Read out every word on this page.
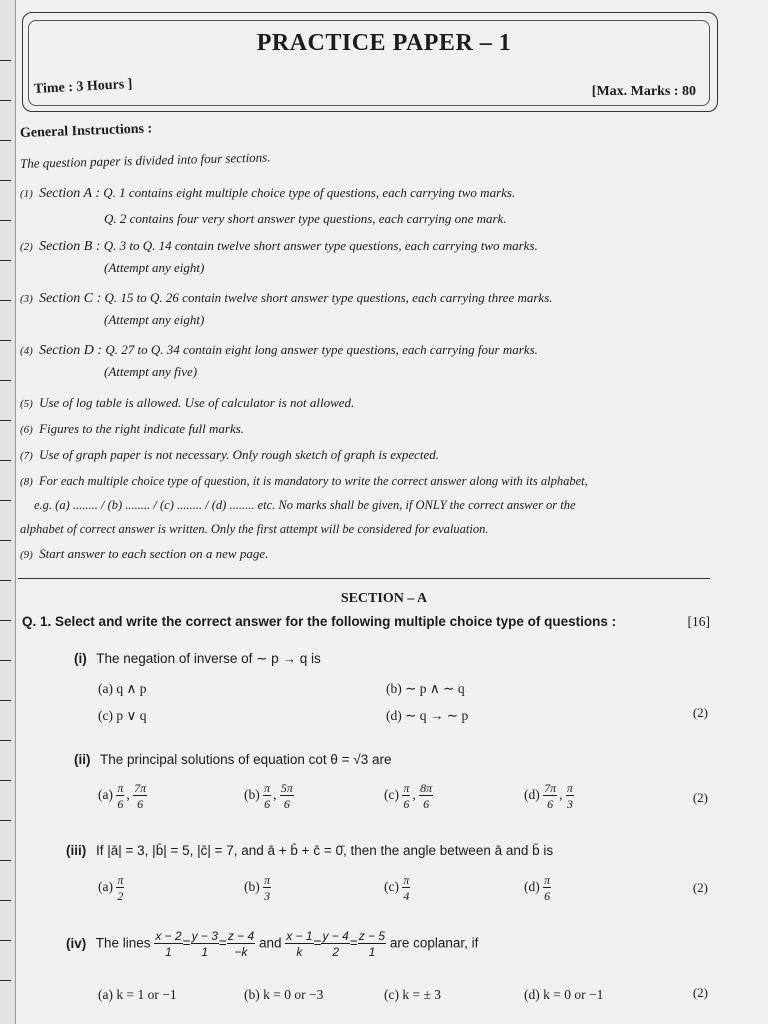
PRACTICE PAPER – 1
Time : 3 Hours ]	[Max. Marks : 80
General Instructions :
The question paper is divided into four sections.
(1) Section A : Q. 1 contains eight multiple choice type of questions, each carrying two marks.
Q. 2 contains four very short answer type questions, each carrying one mark.
(2) Section B : Q. 3 to Q. 14 contain twelve short answer type questions, each carrying two marks.
(Attempt any eight)
(3) Section C : Q. 15 to Q. 26 contain twelve short answer type questions, each carrying three marks.
(Attempt any eight)
(4) Section D : Q. 27 to Q. 34 contain eight long answer type questions, each carrying four marks.
(Attempt any five)
(5) Use of log table is allowed. Use of calculator is not allowed.
(6) Figures to the right indicate full marks.
(7) Use of graph paper is not necessary. Only rough sketch of graph is expected.
(8) For each multiple choice type of question, it is mandatory to write the correct answer along with its alphabet,
e.g. (a) ........ / (b) ........ / (c) ........ / (d) ........ etc. No marks shall be given, if ONLY the correct answer or the
alphabet of correct answer is written. Only the first attempt will be considered for evaluation.
(9) Start answer to each section on a new page.
SECTION – A
Q. 1. Select and write the correct answer for the following multiple choice type of questions :	[16]
(i) The negation of inverse of ∼ p → q is
(a) q ∧ p	(b) ∼ p ∧ ∼ q
(c) p ∨ q	(d) ∼ q → ∼ p	(2)
(ii) The principal solutions of equation cot θ = √3 are
$(a) \frac{\pi}{6}$ , $\frac{7\pi}{6}$	$(b) \frac{\pi}{6}$ , $\frac{5\pi}{6}$	$(c) \frac{\pi}{6}$ , $\frac{8\pi}{6}$	$(d) \frac{7\pi}{6}$ , $\frac{\pi}{3}$	(2)
(iii) If |ā| = 3, |b̄| = 5, |c̄| = 7, and ā + b̄ + c̄ = 0̄, then the angle between ā and b̄ is
$(a) \frac{\pi}{2}$	$(b) \frac{\pi}{3}$	$(c) \frac{\pi}{4}$	$(d) \frac{\pi}{6}$	(2)
(iv) The lines $\frac{x - 2}{1} = \frac{y - 3}{1} = \frac{z - 4}{-k}$ and $\frac{x - 1}{k} = \frac{y - 4}{2} = \frac{z - 5}{1}$ are coplanar, if
(a) k = 1 or −1	(b) k = 0 or −3	(c) k = ± 3	(d) k = 0 or −1	(2)
